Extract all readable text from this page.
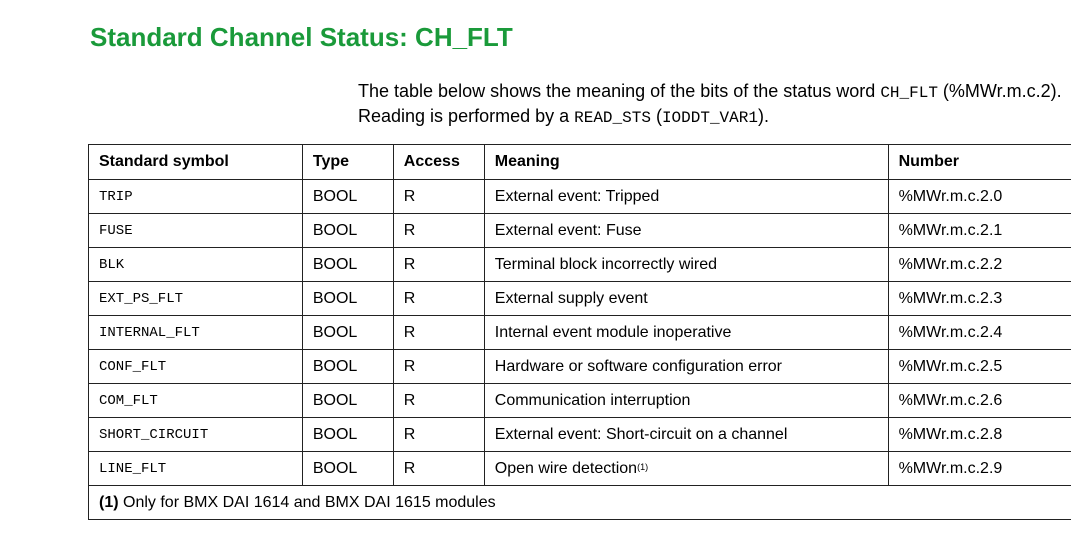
Standard Channel Status: CH_FLT
The table below shows the meaning of the bits of the status word CH_FLT (%MWr.m.c.2). Reading is performed by a READ_STS (IODDT_VAR1).
Standard symbol	Type	Access	Meaning	Number
TRIP	BOOL	R	External event: Tripped	%MWr.m.c.2.0
FUSE	BOOL	R	External event: Fuse	%MWr.m.c.2.1
BLK	BOOL	R	Terminal block incorrectly wired	%MWr.m.c.2.2
EXT_PS_FLT	BOOL	R	External supply event	%MWr.m.c.2.3
INTERNAL_FLT	BOOL	R	Internal event module inoperative	%MWr.m.c.2.4
CONF_FLT	BOOL	R	Hardware or software configuration error	%MWr.m.c.2.5
COM_FLT	BOOL	R	Communication interruption	%MWr.m.c.2.6
SHORT_CIRCUIT	BOOL	R	External event: Short-circuit on a channel	%MWr.m.c.2.8
LINE_FLT	BOOL	R	Open wire detection$^{(1)}$	%MWr.m.c.2.9
(1) Only for BMX DAI 1614 and BMX DAI 1615 modules				
